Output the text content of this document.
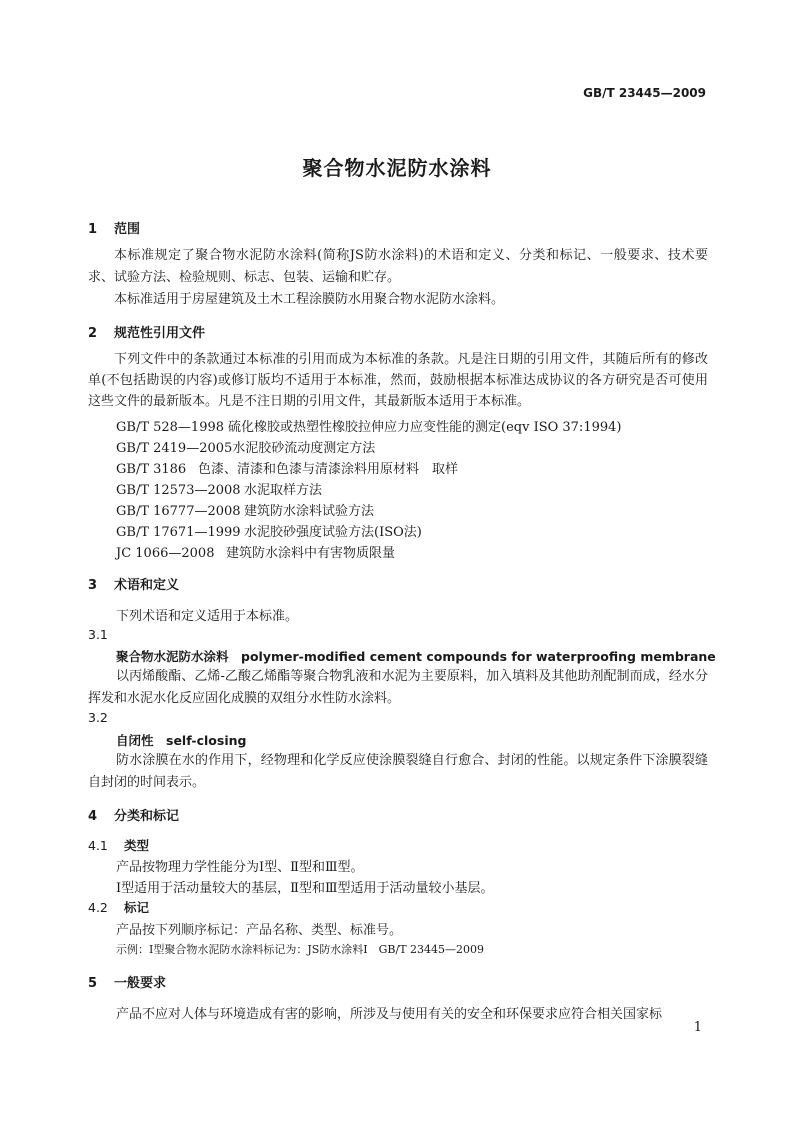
GB/T 23445—2009
聚合物水泥防水涂料
1 范围
本标准规定了聚合物水泥防水涂料(简称JS防水涂料)的术语和定义、分类和标记、一般要求、技术要求、试验方法、检验规则、标志、包装、运输和贮存。
本标准适用于房屋建筑及土木工程涂膜防水用聚合物水泥防水涂料。
2 规范性引用文件
下列文件中的条款通过本标准的引用而成为本标准的条款。凡是注日期的引用文件，其随后所有的修改单(不包括勘误的内容)或修订版均不适用于本标准，然而，鼓励根据本标准达成协议的各方研究是否可使用这些文件的最新版本。凡是不注日期的引用文件，其最新版本适用于本标准。
GB/T 528—1998 硫化橡胶或热塑性橡胶拉伸应力应变性能的测定(eqv ISO 37:1994)
GB/T 2419—2005水泥胶砂流动度测定方法
GB/T 3186 色漆、清漆和色漆与清漆涂料用原材料　取样
GB/T 12573—2008 水泥取样方法
GB/T 16777—2008 建筑防水涂料试验方法
GB/T 17671—1999 水泥胶砂强度试验方法(ISO法)
JC 1066—2008 建筑防水涂料中有害物质限量
3 术语和定义
下列术语和定义适用于本标准。
3.1
聚合物水泥防水涂料　polymer-modified cement compounds for waterproofing membrane
以丙烯酸酯、乙烯-乙酸乙烯酯等聚合物乳液和水泥为主要原料，加入填料及其他助剂配制而成，经水分挥发和水泥水化反应固化成膜的双组分水性防水涂料。
3.2
自闭性　self-closing
防水涂膜在水的作用下，经物理和化学反应使涂膜裂缝自行愈合、封闭的性能。以规定条件下涂膜裂缝自封闭的时间表示。
4 分类和标记
4.1 类型
产品按物理力学性能分为Ⅰ型、Ⅱ型和Ⅲ型。
Ⅰ型适用于活动量较大的基层，Ⅱ型和Ⅲ型适用于活动量较小基层。
4.2 标记
产品按下列顺序标记：产品名称、类型、标准号。
示例：Ⅰ型聚合物水泥防水涂料标记为：JS防水涂料Ⅰ　GB/T 23445—2009
5 一般要求
产品不应对人体与环境造成有害的影响，所涉及与使用有关的安全和环保要求应符合相关国家标
1
